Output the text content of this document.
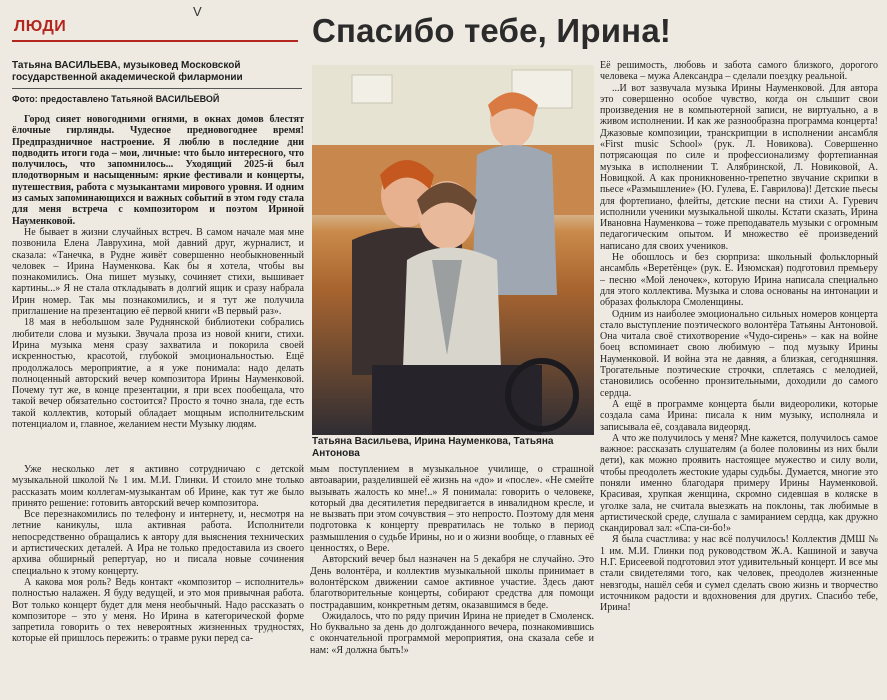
V
ЛЮДИ	Спасибо тебе, Ирина!
Татьяна ВАСИЛЬЕВА, музыковед Московской государственной академической филармонии
Фото: предоставлено Татьяной ВАСИЛЬЕВОЙ

Город сияет новогодними огнями, в окнах домов блестят ёлочные гирлянды. Чудесное предновогоднее время! Предпраздничное настроение. Я люблю в последние дни подводить итоги года – мои, личные: что было интересного, что получилось, что запомнилось... Уходящий 2025-й был плодотворным и насыщенным: яркие фестивали и концерты, путешествия, работа с музыкантами мирового уровня. И одним из самых запоминающихся и важных событий в этом году стала для меня встреча с композитором и поэтом Ириной Науменковой.

Не бывает в жизни случайных встреч. В самом начале мая мне позвонила Елена Лаврухина, мой давний друг, журналист, и сказала: «Танечка, в Рудне живёт совершенно необыкновенный человек – Ирина Науменкова. Как бы я хотела, чтобы вы познакомились. Она пишет музыку, сочиняет стихи, вышивает картины...» Я не стала откладывать в долгий ящик и сразу набрала Ирин номер. Так мы познакомились, и я тут же получила приглашение на презентацию её первой книги «В первый раз».

18 мая в небольшом зале Руднянской библиотеки собрались любители слова и музыки. Звучала проза из новой книги, стихи. Ирина музыка меня сразу захватила и покорила своей искренностью, красотой, глубокой эмоциональностью. Ещё продолжалось мероприятие, а я уже понимала: надо делать полноценный авторский вечер композитора Ирины Науменковой. Почему тут же, в конце презентации, я при всех пообещала, что такой вечер обязательно состоится? Просто я точно знала, где есть такой коллектив, который обладает мощным исполнительским потенциалом и, главное, желанием нести Музыку людям.

Татьяна Васильева, Ирина Науменкова, Татьяна Антонова

Уже несколько лет я активно сотрудничаю с детской музыкальной школой № 1 им. М.И. Глинки. И стоило мне только рассказать моим коллегам-музыкантам об Ирине, как тут же было принято решение: готовить авторский вечер композитора.

Все перезнакомились по телефону и интернету, и, несмотря на летние каникулы, шла активная работа. Исполнители непосредственно обращались к автору для выяснения технических и артистических деталей. А Ира не только предоставила из своего архива обширный репертуар, но и писала новые сочинения специально к этому концерту.

А какова моя роль? Ведь контакт «композитор – исполнитель» полностью налажен. Я буду ведущей, и это моя привычная работа. Вот только концерт будет для меня необычный. Надо рассказать о композиторе – это у меня. Но Ирина в категорической форме запретила говорить о тех невероятных жизненных трудностях, которые ей пришлось пережить: о травме руки перед са-

мым поступлением в музыкальное училище, о страшной автоаварии, разделившей её жизнь на «до» и «после». «Не смейте вызывать жалость ко мне!..» Я понимала: говорить о человеке, который два десятилетия передвигается в инвалидном кресле, и не вызвать при этом сочувствия – это непросто. Поэтому для меня подготовка к концерту превратилась не только в период размышления о судьбе Ирины, но и о жизни вообще, о главных её ценностях, о Вере.

Авторский вечер был назначен на 5 декабря не случайно. Это День волонтёра, и коллектив музыкальной школы принимает в волонтёрском движении самое активное участие. Здесь дают благотворительные концерты, собирают средства для помощи пострадавшим, конкретным детям, оказавшимся в беде.

Ожидалось, что по ряду причин Ирина не приедет в Смоленск. Но буквально за день до долгожданного вечера, познакомившись с окончательной программой мероприятия, она сказала себе и нам: «Я должна быть!»

Её решимость, любовь и забота самого близкого, дорогого человека – мужа Александра – сделали поездку реальной.

...И вот зазвучала музыка Ирины Науменковой. Для автора это совершенно особое чувство, когда он слышит свои произведения не в компьютерной записи, не виртуально, а в живом исполнении. И как же разнообразна программа концерта! Джазовые композиции, транскрипции в исполнении ансамбля «First music School» (рук. Л. Новикова). Совершенно потрясающая по силе и профессионализму фортепианная музыка в исполнении Т. Алябринской, Л. Новиковой, А. Новицкой. А как проникновенно-трепетно звучание скрипки в пьесе «Размышление» (Ю. Гулева, Е. Гаврилова)! Детские пьесы для фортепиано, флейты, детские песни на стихи А. Гуревич исполнили ученики музыкальной школы. Кстати сказать, Ирина Ивановна Науменкова – тоже преподаватель музыки с огромным педагогическим опытом. И множество её произведений написано для своих учеников.

Не обошлось и без сюрприза: школьный фольклорный ансамбль «Веретёнце» (рук. Е. Изюмская) подготовил премьеру – песню «Мой леночек», которую Ирина написала специально для этого коллектива. Музыка и слова основаны на интонации и образах фольклора Смоленщины.

Одним из наиболее эмоционально сильных номеров концерта стало выступление поэтического волонтёра Татьяны Антоновой. Она читала своё стихотворение «Чудо-сирень» – как на войне боец вспоминает свою любимую – под музыку Ирины Науменковой. И война эта не давняя, а близкая, сегодняшняя. Трогательные поэтические строчки, сплетаясь с мелодией, становились особенно пронзительными, доходили до самого сердца.

А ещё в программе концерта были видеоролики, которые создала сама Ирина: писала к ним музыку, исполняла и записывала её, создавала видеоряд.

А что же получилось у меня? Мне кажется, получилось самое важное: рассказать слушателям (а более половины из них были дети), как можно проявить настоящее мужество и силу воли, чтобы преодолеть жестокие удары судьбы. Думается, многие это поняли именно благодаря примеру Ирины Науменковой. Красивая, хрупкая женщина, скромно сидевшая в коляске в уголке зала, не считала выезжать на поклоны, так любимые в артистической среде, слушала с замиранием сердца, как дружно скандировал зал: «Спа-си-бо!»

Я была счастлива: у нас всё получилось! Коллектив ДМШ № 1 им. М.И. Глинки под руководством Ж.А. Кашиной и завуча Н.Г. Ерисеевой подготовил этот удивительный концерт. И все мы стали свидетелями того, как человек, преодолев жизненные невзгоды, нашёл себя и сумел сделать свою жизнь и творчество источником радости и вдохновения для других. Спасибо тебе, Ирина!
